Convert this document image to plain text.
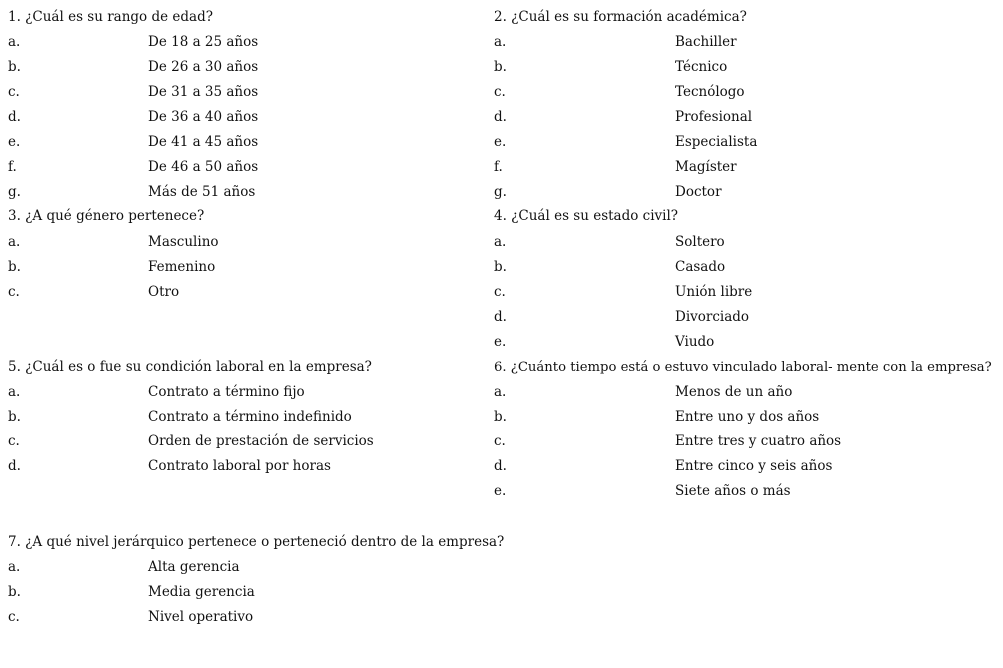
1. ¿Cuál es su rango de edad?
a.	De 18 a 25 años
b.	De 26 a 30 años
c.	De 31 a 35 años
d.	De 36 a 40 años
e.	De 41 a 45 años
f.	De 46 a 50 años
g.	Más de 51 años
2. ¿Cuál es su formación académica?
a.	Bachiller
b.	Técnico
c.	Tecnólogo
d.	Profesional
e.	Especialista
f.	Magíster
g.	Doctor
3. ¿A qué género pertenece?
a.	Masculino
b.	Femenino
c.	Otro
4. ¿Cuál es su estado civil?
a.	Soltero
b.	Casado
c.	Unión libre
d.	Divorciado
e.	Viudo
5. ¿Cuál es o fue su condición laboral en la empresa?
a.	Contrato a término fijo
b.	Contrato a término indefinido
c.	Orden de prestación de servicios
d.	Contrato laboral por horas
6. ¿Cuánto tiempo está o estuvo vinculado laboral- mente con la empresa?
a.	Menos de un año
b.	Entre uno y dos años
c.	Entre tres y cuatro años
d.	Entre cinco y seis años
e.	Siete años o más
7. ¿A qué nivel jerárquico pertenece o perteneció dentro de la empresa?
a.	Alta gerencia
b.	Media gerencia
c.	Nivel operativo
